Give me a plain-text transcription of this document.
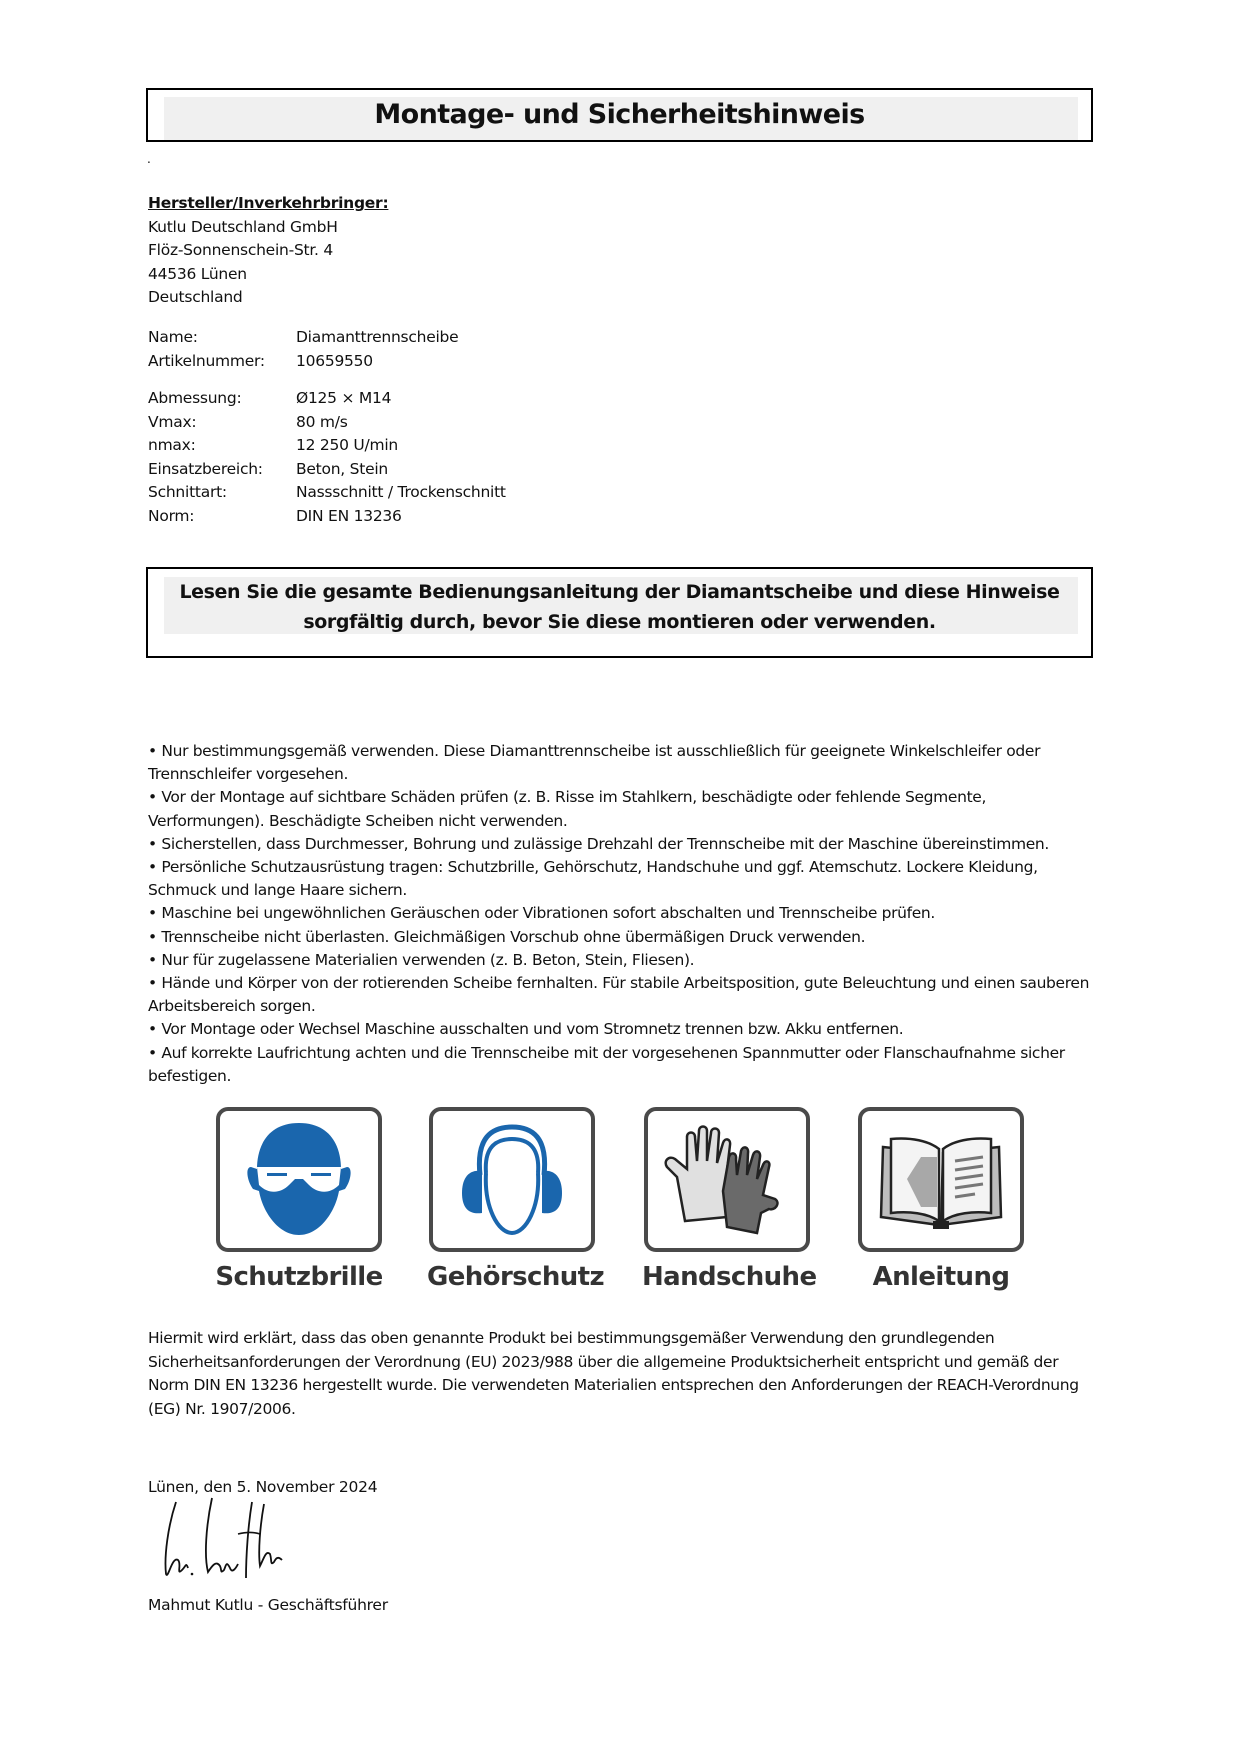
Montage- und Sicherheitshinweis
.
Hersteller/Inverkehrbringer:
Kutlu Deutschland GmbH
Flöz-Sonnenschein-Str. 4
44536 Lünen
Deutschland
Name:	Diamanttrennscheibe
Artikelnummer:	10659550
Abmessung:	Ø125 × M14
Vmax:	80 m/s
nmax:	12 250 U/min
Einsatzbereich:	Beton, Stein
Schnittart:	Nassschnitt / Trockenschnitt
Norm:	DIN EN 13236
Lesen Sie die gesamte Bedienungsanleitung der Diamantscheibe und diese Hinweise
sorgfältig durch, bevor Sie diese montieren oder verwenden.
• Nur bestimmungsgemäß verwenden. Diese Diamanttrennscheibe ist ausschließlich für geeignete Winkelschleifer oder Trennschleifer vorgesehen.
• Vor der Montage auf sichtbare Schäden prüfen (z. B. Risse im Stahlkern, beschädigte oder fehlende Segmente, Verformungen). Beschädigte Scheiben nicht verwenden.
• Sicherstellen, dass Durchmesser, Bohrung und zulässige Drehzahl der Trennscheibe mit der Maschine übereinstimmen.
• Persönliche Schutzausrüstung tragen: Schutzbrille, Gehörschutz, Handschuhe und ggf. Atemschutz. Lockere Kleidung, Schmuck und lange Haare sichern.
• Maschine bei ungewöhnlichen Geräuschen oder Vibrationen sofort abschalten und Trennscheibe prüfen.
• Trennscheibe nicht überlasten. Gleichmäßigen Vorschub ohne übermäßigen Druck verwenden.
• Nur für zugelassene Materialien verwenden (z. B. Beton, Stein, Fliesen).
• Hände und Körper von der rotierenden Scheibe fernhalten. Für stabile Arbeitsposition, gute Beleuchtung und einen sauberen Arbeitsbereich sorgen.
• Vor Montage oder Wechsel Maschine ausschalten und vom Stromnetz trennen bzw. Akku entfernen.
• Auf korrekte Laufrichtung achten und die Trennscheibe mit der vorgesehenen Spannmutter oder Flanschaufnahme sicher befestigen.
Schutzbrille Gehörschutz Handschuhe	Anleitung
Hiermit wird erklärt, dass das oben genannte Produkt bei bestimmungsgemäßer Verwendung den grundlegenden Sicherheitsanforderungen der Verordnung (EU) 2023/988 über die allgemeine Produktsicherheit entspricht und gemäß der Norm DIN EN 13236 hergestellt wurde. Die verwendeten Materialien entsprechen den Anforderungen der REACH-Verordnung (EG) Nr. 1907/2006.
Lünen, den 5. November 2024
Mahmut Kutlu - Geschäftsführer
